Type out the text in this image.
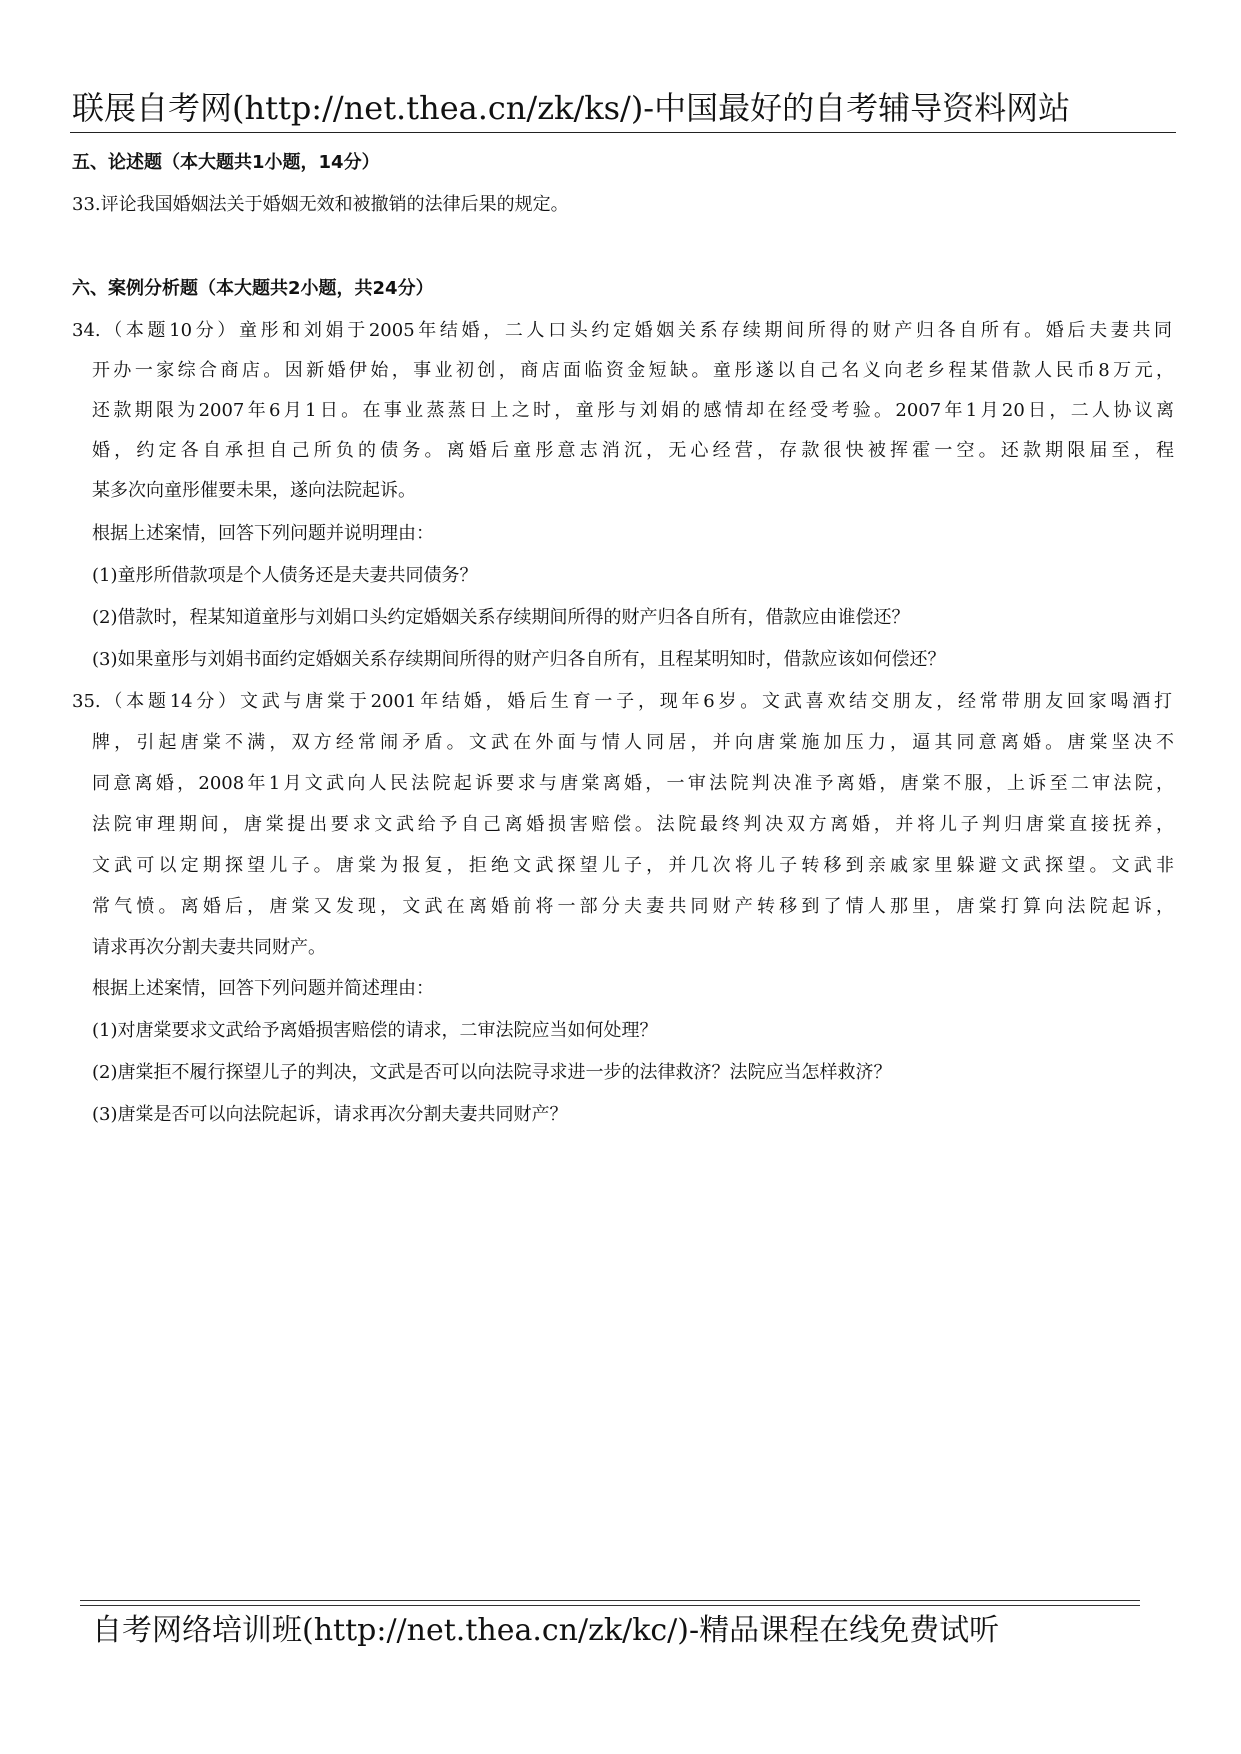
联展自考网(http://net.thea.cn/zk/ks/)-中国最好的自考辅导资料网站
五、论述题（本大题共1小题，14分）
33.评论我国婚姻法关于婚姻无效和被撤销的法律后果的规定。
六、案例分析题（本大题共2小题，共24分）
34.（本题10分）童彤和刘娟于2005年结婚，二人口头约定婚姻关系存续期间所得的财产归各自所有。婚后夫妻共同
开办一家综合商店。因新婚伊始，事业初创，商店面临资金短缺。童彤遂以自己名义向老乡程某借款人民币8万元，
还款期限为2007年6月1日。在事业蒸蒸日上之时，童彤与刘娟的感情却在经受考验。2007年1月20日，二人协议离
婚，约定各自承担自己所负的债务。离婚后童彤意志消沉，无心经营，存款很快被挥霍一空。还款期限届至，程
某多次向童彤催要未果，遂向法院起诉。
根据上述案情，回答下列问题并说明理由：
(1)童彤所借款项是个人债务还是夫妻共同债务？
(2)借款时，程某知道童彤与刘娟口头约定婚姻关系存续期间所得的财产归各自所有，借款应由谁偿还？
(3)如果童彤与刘娟书面约定婚姻关系存续期间所得的财产归各自所有，且程某明知时，借款应该如何偿还？
35.（本题14分）文武与唐棠于2001年结婚，婚后生育一子，现年6岁。文武喜欢结交朋友，经常带朋友回家喝酒打
牌，引起唐棠不满，双方经常闹矛盾。文武在外面与情人同居，并向唐棠施加压力，逼其同意离婚。唐棠坚决不
同意离婚，2008年1月文武向人民法院起诉要求与唐棠离婚，一审法院判决准予离婚，唐棠不服，上诉至二审法院，
法院审理期间，唐棠提出要求文武给予自己离婚损害赔偿。法院最终判决双方离婚，并将儿子判归唐棠直接抚养，
文武可以定期探望儿子。唐棠为报复，拒绝文武探望儿子，并几次将儿子转移到亲戚家里躲避文武探望。文武非
常气愤。离婚后，唐棠又发现，文武在离婚前将一部分夫妻共同财产转移到了情人那里，唐棠打算向法院起诉，
请求再次分割夫妻共同财产。
根据上述案情，回答下列问题并简述理由：
(1)对唐棠要求文武给予离婚损害赔偿的请求，二审法院应当如何处理？
(2)唐棠拒不履行探望儿子的判决，文武是否可以向法院寻求进一步的法律救济？法院应当怎样救济？
(3)唐棠是否可以向法院起诉，请求再次分割夫妻共同财产？
自考网络培训班(http://net.thea.cn/zk/kc/)-精品课程在线免费试听
